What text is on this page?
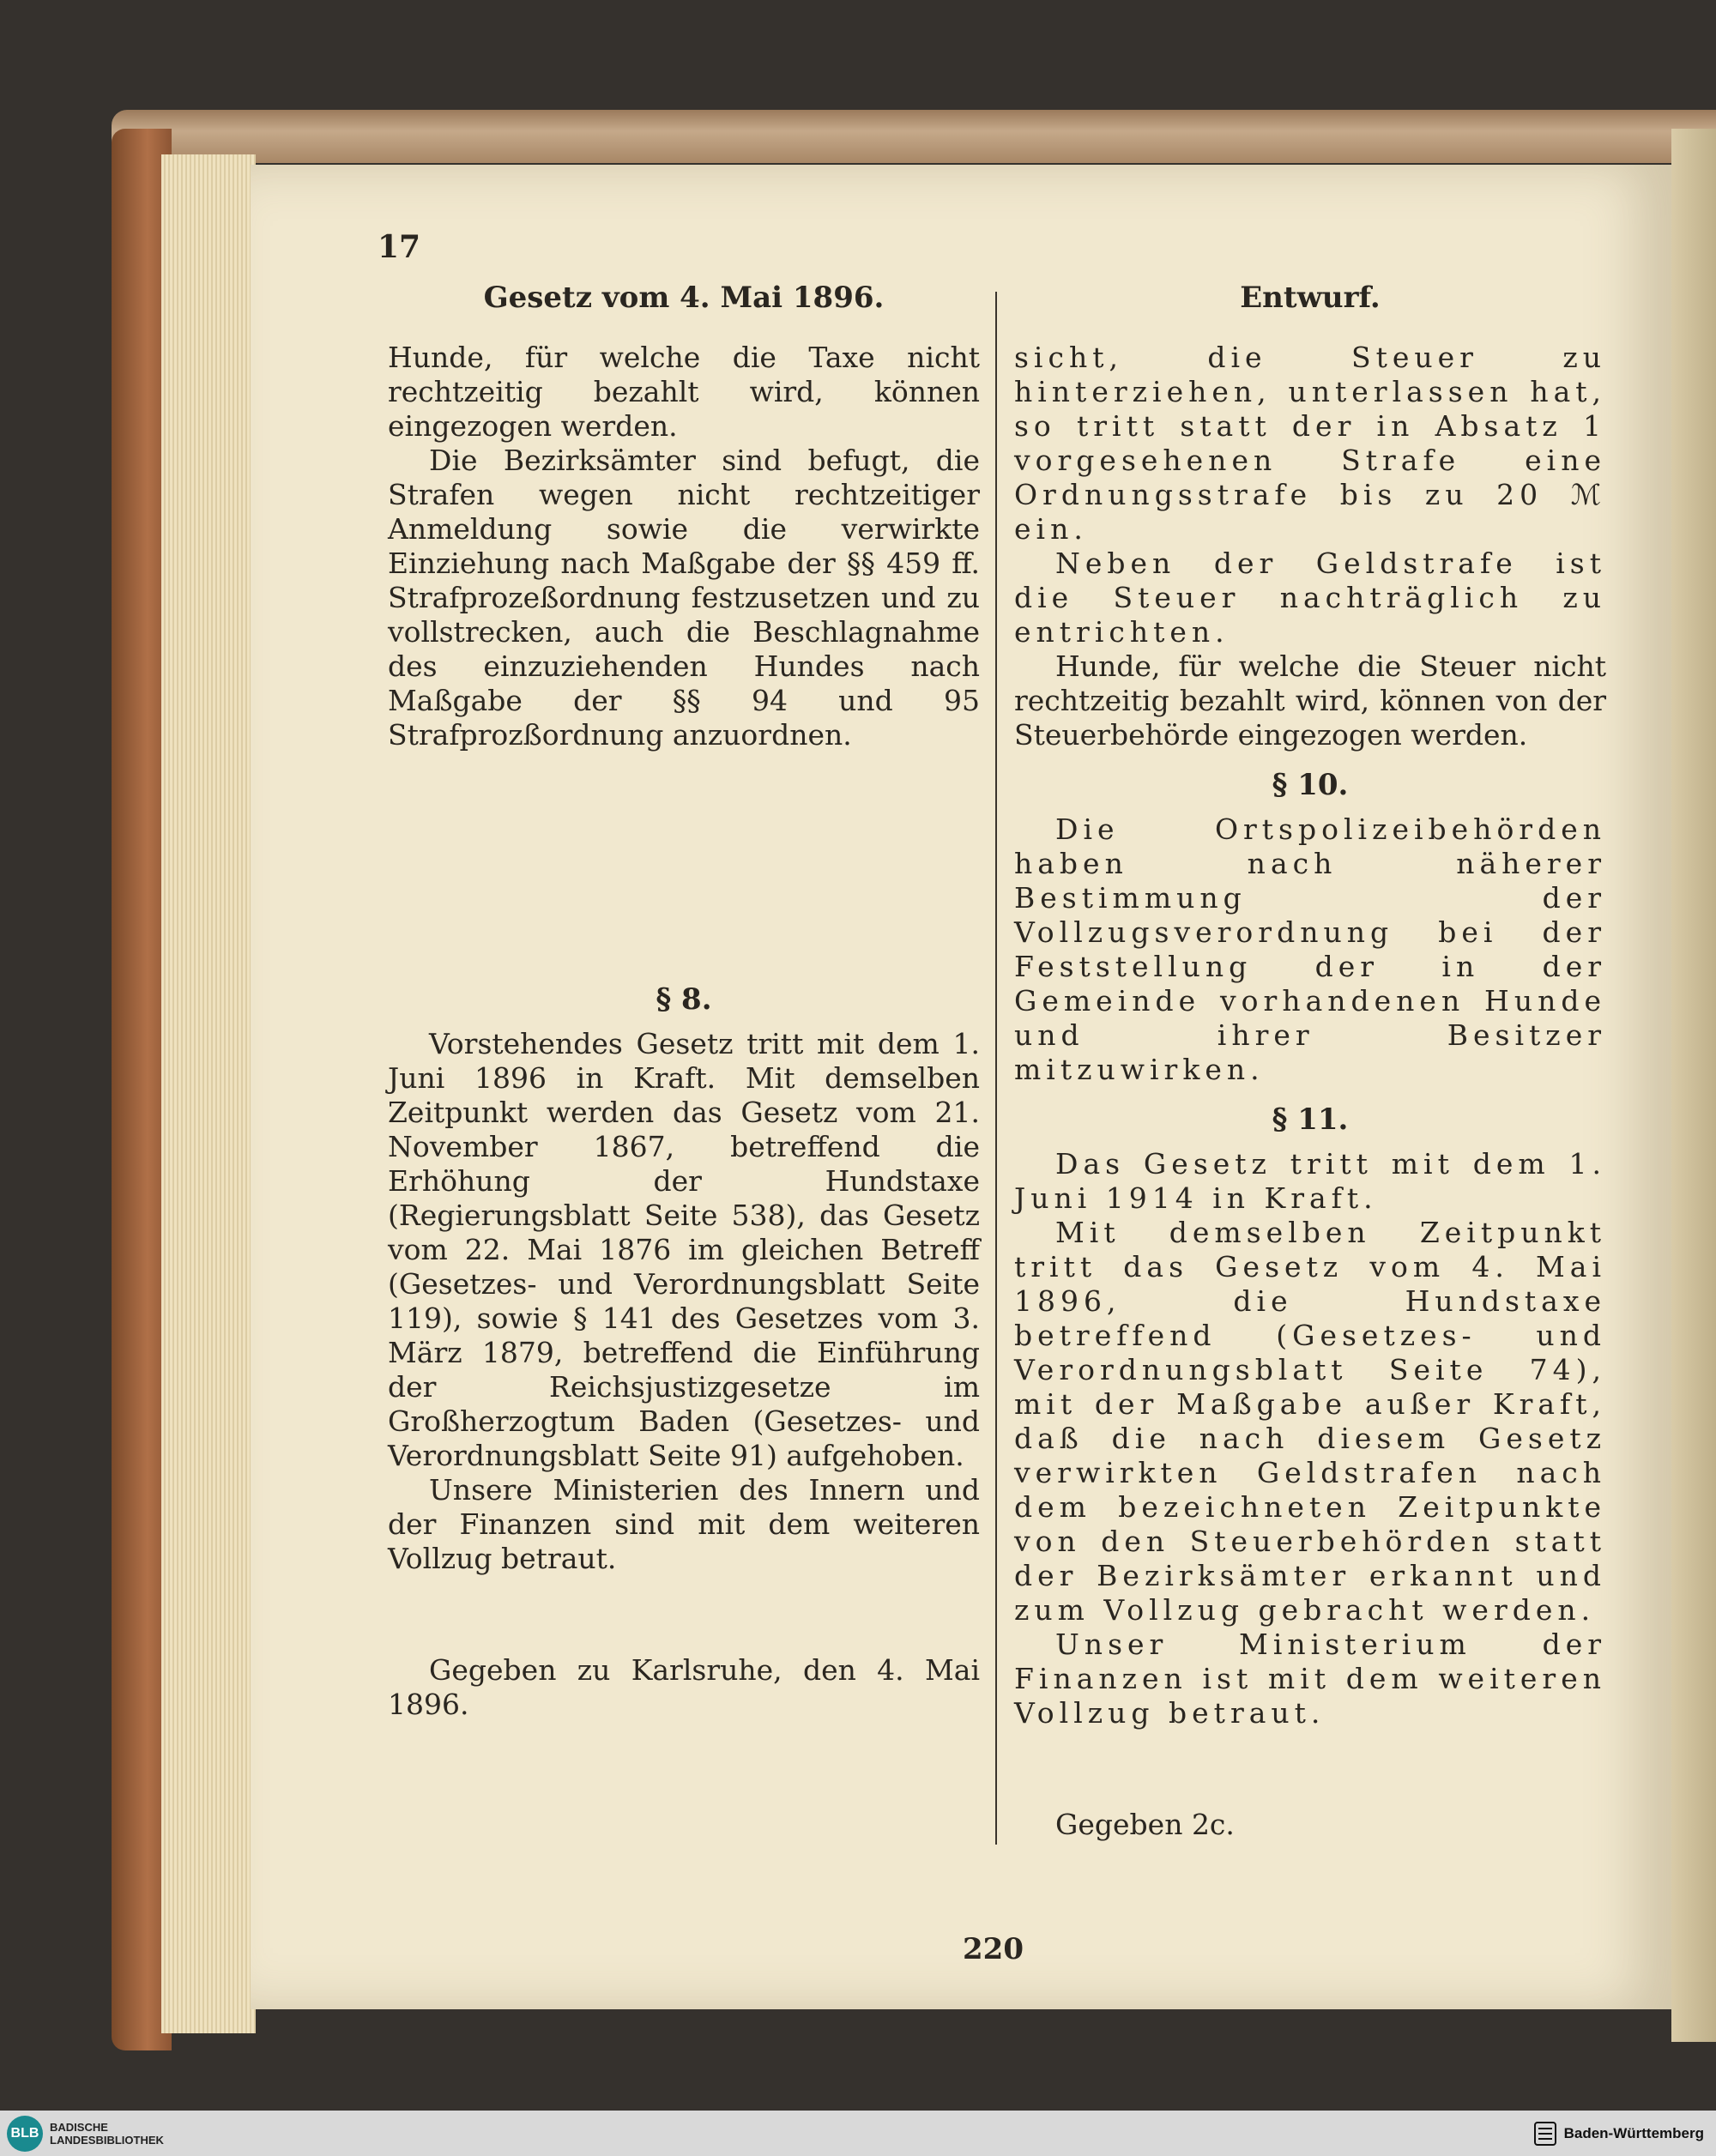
17
Gesetz vom 4. Mai 1896.

Hunde, für welche die Taxe nicht rechtzeitig bezahlt wird, können eingezogen werden.

Die Bezirksämter sind befugt, die Strafen wegen nicht rechtzeitiger Anmeldung sowie die verwirkte Einziehung nach Maßgabe der §§ 459 ff. Strafprozeßordnung festzusetzen und zu vollstrecken, auch die Beschlagnahme des einzuziehenden Hundes nach Maßgabe der §§ 94 und 95 Strafprozßordnung anzuordnen.

§ 8.

Vorstehendes Gesetz tritt mit dem 1. Juni 1896 in Kraft. Mit demselben Zeitpunkt werden das Gesetz vom 21. November 1867, betreffend die Erhöhung der Hundstaxe (Regierungsblatt Seite 538), das Gesetz vom 22. Mai 1876 im gleichen Betreff (Gesetzes- und Verordnungsblatt Seite 119), sowie § 141 des Gesetzes vom 3. März 1879, betreffend die Einführung der Reichsjustizgesetze im Großherzogtum Baden (Gesetzes- und Verordnungsblatt Seite 91) aufgehoben.

Unsere Ministerien des Innern und der Finanzen sind mit dem weiteren Vollzug betraut.

Gegeben zu Karlsruhe, den 4. Mai 1896.

Entwurf.

sicht, die Steuer zu hinterziehen, unterlassen hat, so tritt statt der in Absatz 1 vorgesehenen Strafe eine Ordnungsstrafe bis zu 20 ℳ ein.

Neben der Geldstrafe ist die Steuer nachträglich zu entrichten.

Hunde, für welche die Steuer nicht rechtzeitig bezahlt wird, können von der Steuerbehörde eingezogen werden.

§ 10.

Die Ortspolizeibehörden haben nach näherer Bestimmung der Vollzugsverordnung bei der Feststellung der in der Gemeinde vorhandenen Hunde und ihrer Besitzer mitzuwirken.

§ 11.

Das Gesetz tritt mit dem 1. Juni 1914 in Kraft.

Mit demselben Zeitpunkt tritt das Gesetz vom 4. Mai 1896, die Hundstaxe betreffend (Gesetzes- und Verordnungsblatt Seite 74), mit der Maßgabe außer Kraft, daß die nach diesem Gesetz verwirkten Geldstrafen nach dem bezeichneten Zeitpunkte von den Steuerbehörden statt der Bezirksämter erkannt und zum Vollzug gebracht werden.

Unser Ministerium der Finanzen ist mit dem weiteren Vollzug betraut.

Gegeben 2c.

220
BLB BADISCHE
LANDESBIBLIOTHEK	Baden-Württemberg
